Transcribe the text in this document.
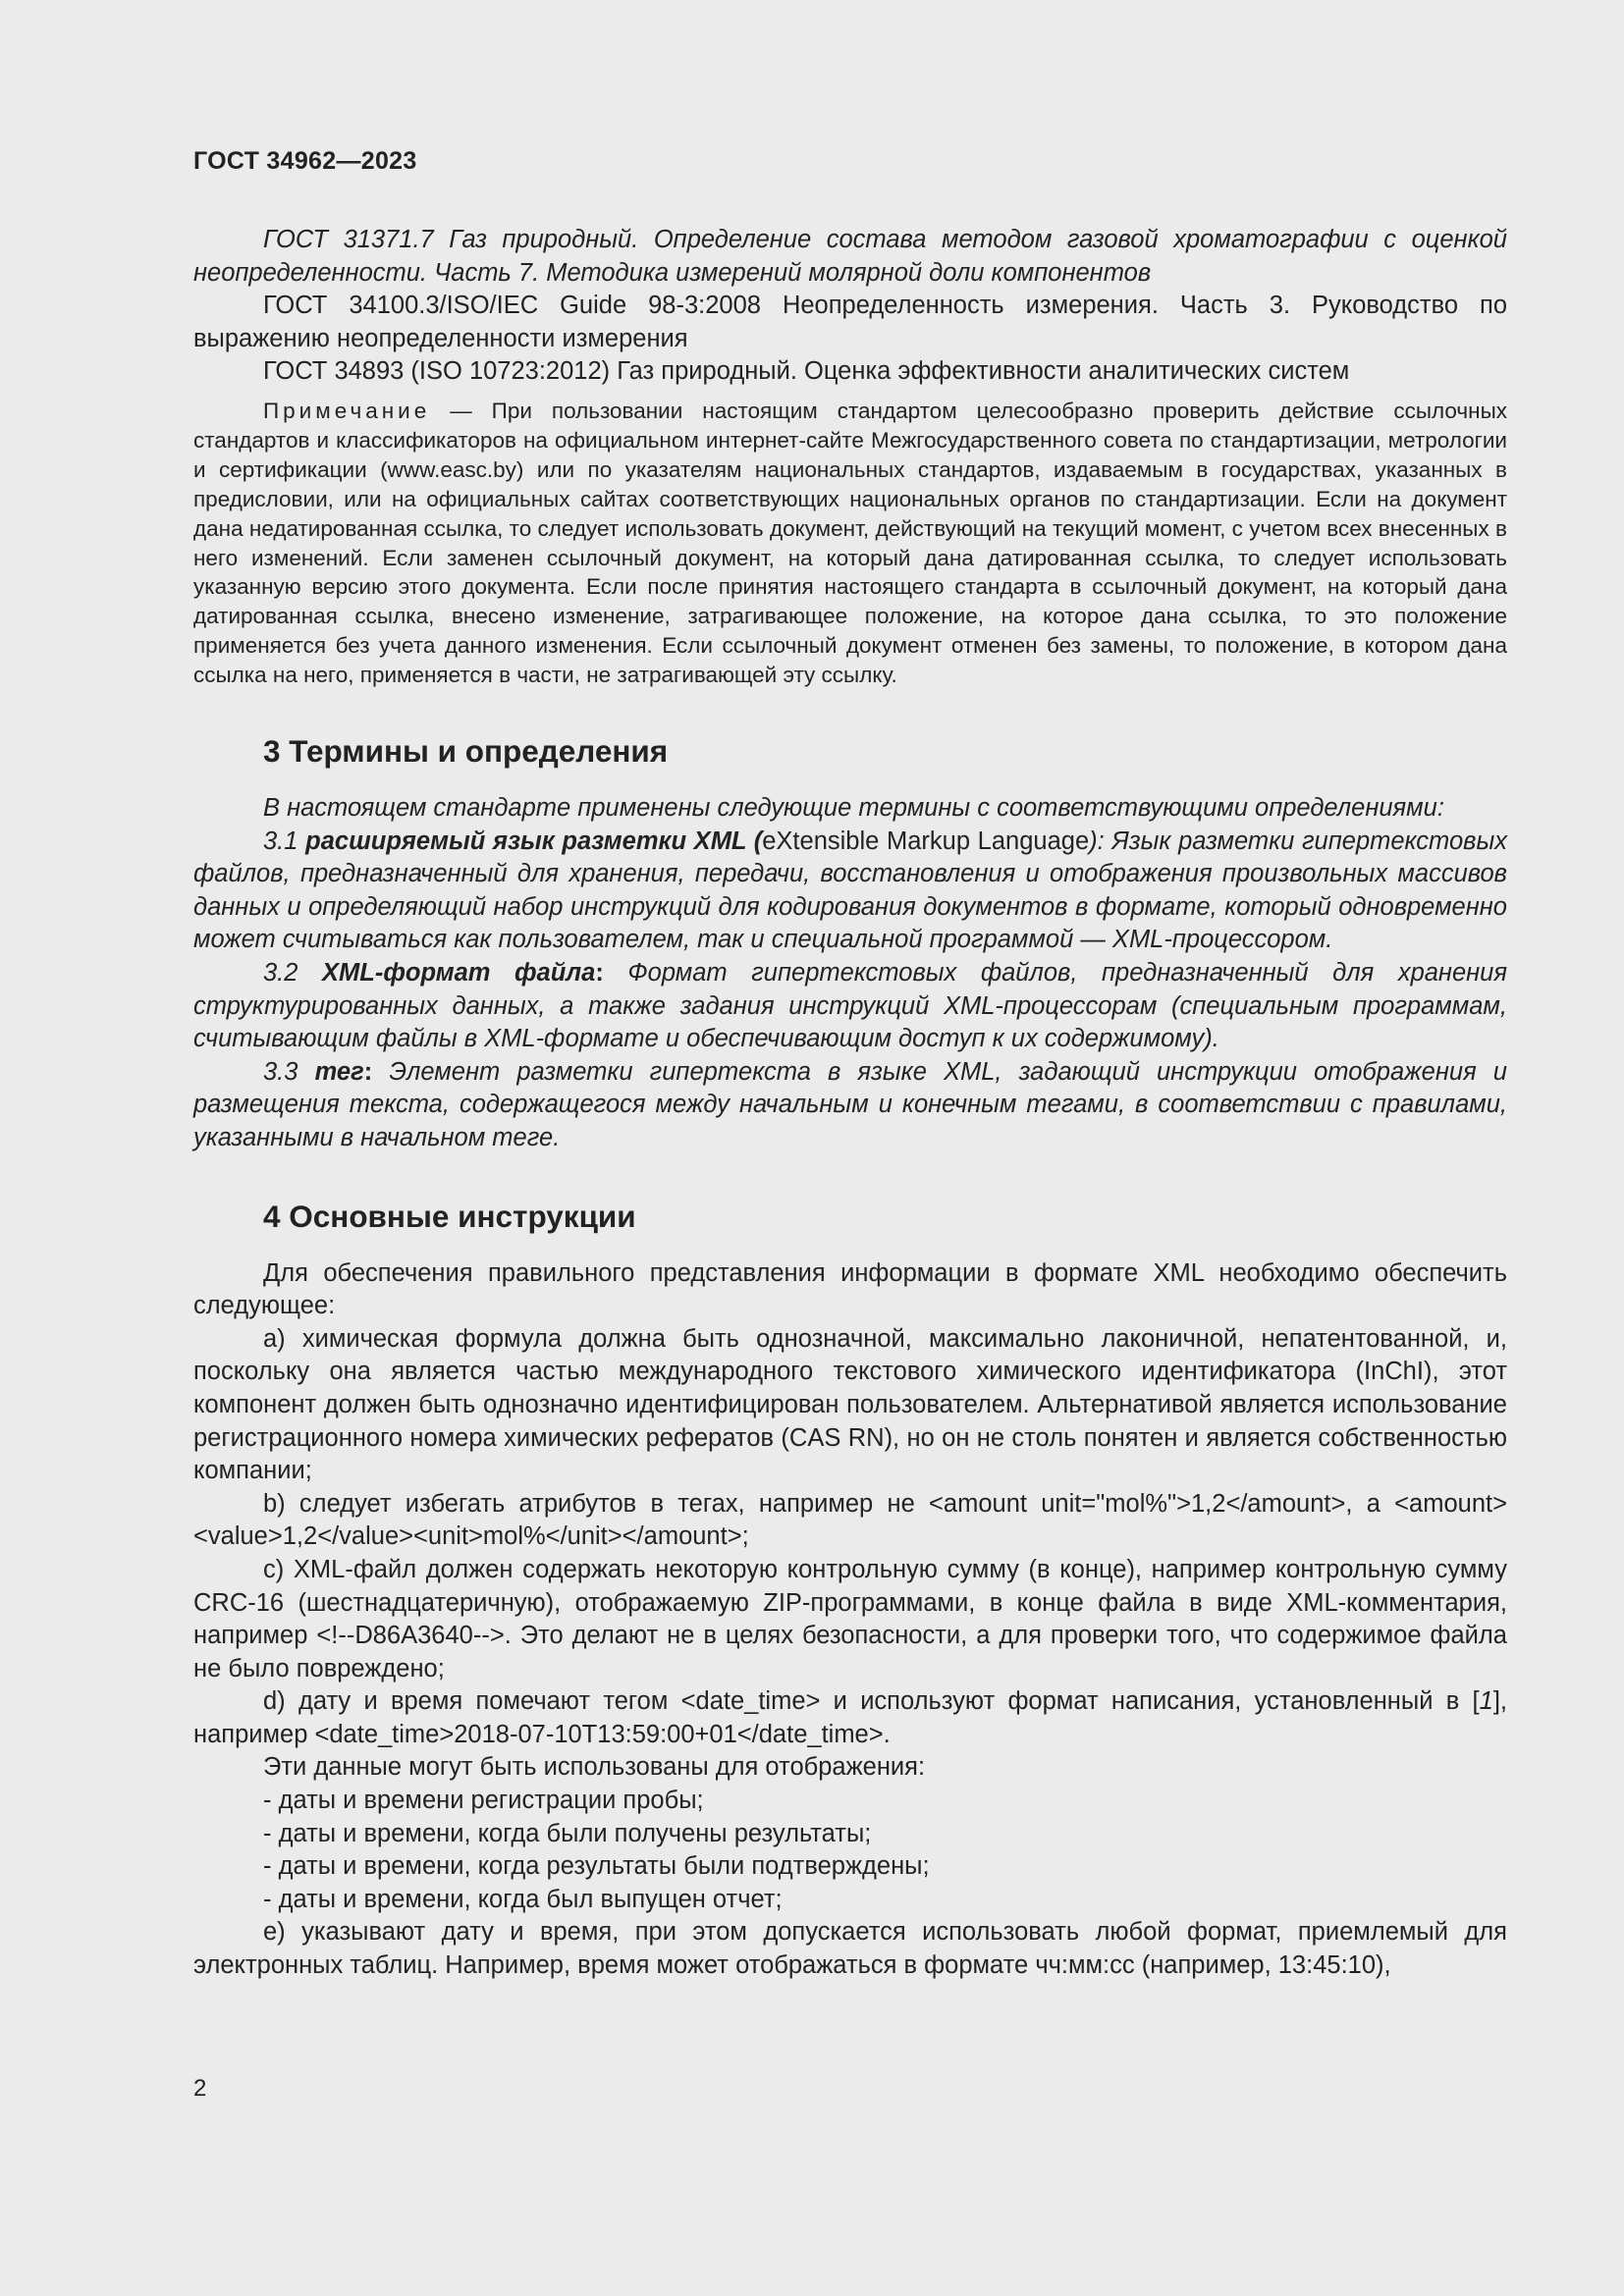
ГОСТ 34962—2023

ГОСТ 31371.7 Газ природный. Определение состава методом газовой хроматографии с оценкой неопределенности. Часть 7. Методика измерений молярной доли компонентов

ГОСТ 34100.3/ISO/IEC Guide 98-3:2008 Неопределенность измерения. Часть 3. Руководство по выражению неопределенности измерения

ГОСТ 34893 (ISO 10723:2012) Газ природный. Оценка эффективности аналитических систем

Примечание — При пользовании настоящим стандартом целесообразно проверить действие ссылочных стандартов и классификаторов на официальном интернет-сайте Межгосударственного совета по стандартизации, метрологии и сертификации (www.easc.by) или по указателям национальных стандартов, издаваемым в государствах, указанных в предисловии, или на официальных сайтах соответствующих национальных органов по стандартизации. Если на документ дана недатированная ссылка, то следует использовать документ, действующий на текущий момент, с учетом всех внесенных в него изменений. Если заменен ссылочный документ, на который дана датированная ссылка, то следует использовать указанную версию этого документа. Если после принятия настоящего стандарта в ссылочный документ, на который дана датированная ссылка, внесено изменение, затрагивающее положение, на которое дана ссылка, то это положение применяется без учета данного изменения. Если ссылочный документ отменен без замены, то положение, в котором дана ссылка на него, применяется в части, не затрагивающей эту ссылку.

3 Термины и определения

В настоящем стандарте применены следующие термины с соответствующими определениями:

3.1 расширяемый язык разметки XML (eXtensible Markup Language): Язык разметки гипертекстовых файлов, предназначенный для хранения, передачи, восстановления и отображения произвольных массивов данных и определяющий набор инструкций для кодирования документов в формате, который одновременно может считываться как пользователем, так и специальной программой — XML-процессором.

3.2 XML-формат файла: Формат гипертекстовых файлов, предназначенный для хранения структурированных данных, а также задания инструкций XML-процессорам (специальным программам, считывающим файлы в XML-формате и обеспечивающим доступ к их содержимому).

3.3 тег: Элемент разметки гипертекста в языке XML, задающий инструкции отображения и размещения текста, содержащегося между начальным и конечным тегами, в соответствии с правилами, указанными в начальном теге.

4 Основные инструкции

Для обеспечения правильного представления информации в формате XML необходимо обеспечить следующее:

а) химическая формула должна быть однозначной, максимально лаконичной, непатентованной, и, поскольку она является частью международного текстового химического идентификатора (InChI), этот компонент должен быть однозначно идентифицирован пользователем. Альтернативой является использование регистрационного номера химических рефератов (CAS RN), но он не столь понятен и является собственностью компании;

b) следует избегать атрибутов в тегах, например не <amount unit="mol%">1,2</amount>, а <amount><value>1,2</value><unit>mol%</unit></amount>;

c) XML-файл должен содержать некоторую контрольную сумму (в конце), например контрольную сумму CRC-16 (шестнадцатеричную), отображаемую ZIP-программами, в конце файла в виде XML-комментария, например <!--D86A3640-->. Это делают не в целях безопасности, а для проверки того, что содержимое файла не было повреждено;

d) дату и время помечают тегом <date_time> и используют формат написания, установленный в [1], например <date_time>2018-07-10T13:59:00+01</date_time>.

Эти данные могут быть использованы для отображения:

- даты и времени регистрации пробы;

- даты и времени, когда были получены результаты;

- даты и времени, когда результаты были подтверждены;

- даты и времени, когда был выпущен отчет;

е) указывают дату и время, при этом допускается использовать любой формат, приемлемый для электронных таблиц. Например, время может отображаться в формате чч:мм:сс (например, 13:45:10),

2
